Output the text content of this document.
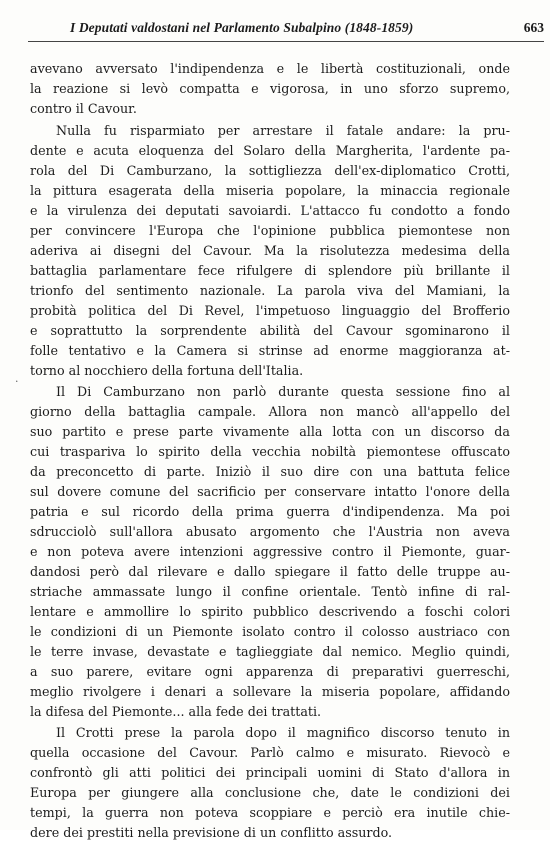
I Deputati valdostani nel Parlamento Subalpino (1848-1859)	663
·
avevano avversato l'indipendenza e le libertà costituzionali, onde
la reazione si levò compatta e vigorosa, in uno sforzo supremo,
contro il Cavour.
Nulla fu risparmiato per arrestare il fatale andare: la pru-
dente e acuta eloquenza del Solaro della Margherita, l'ardente pa-
rola del Di Camburzano, la sottigliezza dell'ex-diplomatico Crotti,
la pittura esagerata della miseria popolare, la minaccia regionale
e la virulenza dei deputati savoiardi. L'attacco fu condotto a fondo
per convincere l'Europa che l'opinione pubblica piemontese non
aderiva ai disegni del Cavour. Ma la risolutezza medesima della
battaglia parlamentare fece rifulgere di splendore più brillante il
trionfo del sentimento nazionale. La parola viva del Mamiani, la
probità politica del Di Revel, l'impetuoso linguaggio del Brofferio
e soprattutto la sorprendente abilità del Cavour sgominarono il
folle tentativo e la Camera si strinse ad enorme maggioranza at-
torno al nocchiero della fortuna dell'Italia.
Il Di Camburzano non parlò durante questa sessione fino al
giorno della battaglia campale. Allora non mancò all'appello del
suo partito e prese parte vivamente alla lotta con un discorso da
cui traspariva lo spirito della vecchia nobiltà piemontese offuscato
da preconcetto di parte. Iniziò il suo dire con una battuta felice
sul dovere comune del sacrificio per conservare intatto l'onore della
patria e sul ricordo della prima guerra d'indipendenza. Ma poi
sdrucciolò sull'allora abusato argomento che l'Austria non aveva
e non poteva avere intenzioni aggressive contro il Piemonte, guar-
dandosi però dal rilevare e dallo spiegare il fatto delle truppe au-
striache ammassate lungo il confine orientale. Tentò infine di ral-
lentare e ammollire lo spirito pubblico descrivendo a foschi colori
le condizioni di un Piemonte isolato contro il colosso austriaco con
le terre invase, devastate e taglieggiate dal nemico. Meglio quindi,
a suo parere, evitare ogni apparenza di preparativi guerreschi,
meglio rivolgere i denari a sollevare la miseria popolare, affidando
la difesa del Piemonte... alla fede dei trattati.
Il Crotti prese la parola dopo il magnifico discorso tenuto in
quella occasione del Cavour. Parlò calmo e misurato. Rievocò e
confrontò gli atti politici dei principali uomini di Stato d'allora in
Europa per giungere alla conclusione che, date le condizioni dei
tempi, la guerra non poteva scoppiare e perciò era inutile chie-
dere dei prestiti nella previsione di un conflitto assurdo.
